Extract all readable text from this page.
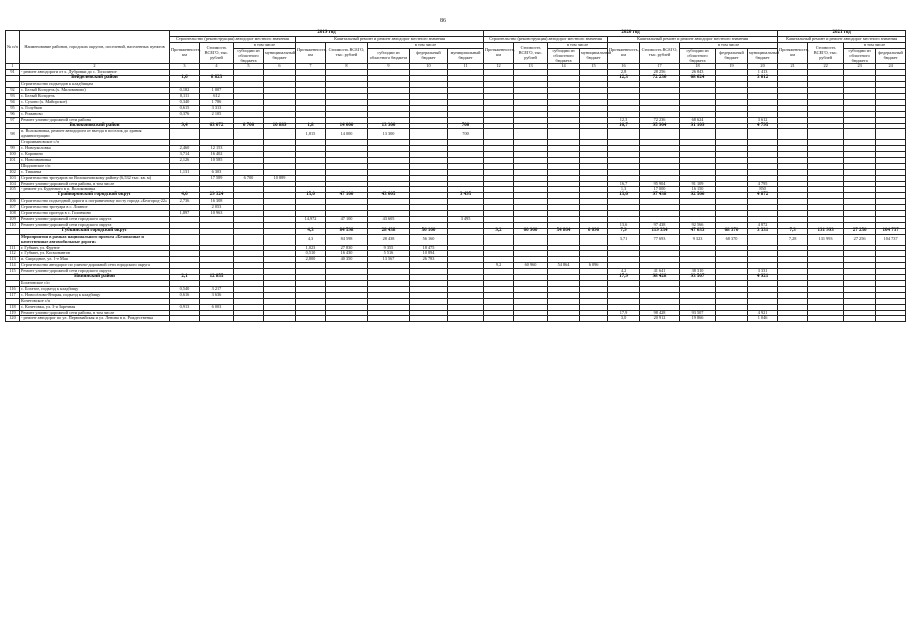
86
№ п/п	Наименование районов, городских округов, поселений, населенных пунктов	2019 год									2020 год									2021 год			
		Строительство (реконструкция) автодорог местного значения				Капитальный ремонт и ремонт автодорог местного значения					Строительство (реконструкция) автодорог местного значения				Капитальный ремонт и ремонт автодорог местного значения					Капитальный ремонт и ремонт автодорог местного значения			
		Протяженность, км	Стоимость ВСЕГО, тыс. рублей	в том числе		Протяженность, км	Стоимость ВСЕГО, тыс. рублей	в том числе			Протяженность, км	Стоимость ВСЕГО, тыс. рублей	в том числе		Протяженность, км	Стоимость ВСЕГО, тыс. рублей	в том числе			Протяженность, км	Стоимость ВСЕГО, тыс. рублей	в том числе	
				субсидии из областного бюджета	муниципальный бюджет			субсидии из областного бюджета	федеральный бюджет	муниципальный бюджет			субсидии из областного бюджета	муниципальный бюджет			субсидии из областного бюджета	федеральный бюджет	муниципальный бюджет			субсидии из областного бюджета	федеральный бюджет
1	2	3	4	5	6	7	8	9	10	11	12	13	14	15	16	17	18	19	20	21	22	23	24
91	- ремонт автодороги от х. Дубровки до с. Тополиное														2,8	28 256	26 843		1 413				
	Вейделевский район	1,6	8 823												12,3	72 236	68 624		3 612				
	Строительство подъездов к кладбищам																						
92	с. Белый Колодезь (х. Милованово)	0,182	1 007																				
93	с. Белый Колодезь	0,111	612																				
94	с. Сухоно (х. Майорское)	0,340	1 786																				
95	х. Голубков	0,615	3 313																				
96	с. Романово	0,376	2 105																				
97	Ремонт улично-дорожной сети района														12,3	72 236	68 624		3 612				
	Волоконовский район	9,4	63 072	6 700	10 889	1,8	14 000	13 300		700					16,7	95 904	91 109		4 795				
98	п. Волоконовка, ремонт автодороги от въезда в поселок до здания администрации					1,815	14 000	13 300		700													
	Староивановское с/п																						
99	с. Новоуколовка	2,460	12 153																				
100	с. Коровино	3,714	16 402																				
101	с. Новоивановка	2,126	10 585																				
	Шидловское с/п																						
102	с. Тишанка	1,131	6 303																				
103	Строительство тротуаров по Волоконовскому району (6,532 тыс. кв. м)		17 589	6 700	10 889																		
104	Ремонт улично-дорожной сети района, в том числе														16,7	95 904	91 109		4 795				
105	- ремонт ул. Буденного в п. Волоконовка														1,3	17 000	16 150		850				
	Грайворонский городской округ	4,6	29 324			15,0	47 100	43 605		3 495					13,6	97 438	92 566		4 872				
106	Строительство подъездной дороги к пограничному посту города «Белгород-22»	2,736	16 308																				
107	Строительство тротуара в с. Ломное		2 053																				
108	Строительство проезда в с. Головчино	1,897	10 963																				
109	Ремонт улично-дорожной сети городского округа					14,972	47 100	43 605		3 495													
110	Ремонт улично-дорожной сети городского округа														13,6	97 438	92 566		4 872				
	Губкинский городской округ					4,3	84 598	28 438	56 160		9,2	60 960	54 864	6 096	7,9	119 334	47 633	68 370	3 331	7,3	131 993	27 256	104 737
	Мероприятия в рамках национального проекта «Безопасные и качественные автомобильные дороги»					4,3	84 598	28 438	56 160						3,71	77 693	9 323	68 370		7,28	131 993	27 256	104 737
111	г. Губкин, ул. Фрунзе					1,023	27 830	9 355	18 475														
112	г. Губкин, ул. Космонавтов					0,510	16 430	5 516	10 894														
113	п. Скородное, ул. 1-е Мая					2,800	40 350	13 567	26 783														
114	Строительство автодорог по улично-дорожной сети городского округа										9,2	60 960	54 864	6 096									
115	Ремонт улично-дорожной сети городского округа														4,2	41 641	38 310		3 331				
	Ивнянский район	2,1	12 855												17,9	98 428	93 507		4 921				
	Богатовское с/п																						
116	с. Богатое, подъезд к кладбищу	0,540	3 217																				
117	с. Новосёлово-Вторая, подъезд к кладбищу	0,616	3 636																				
	Кочетовское с/п																						
118	с. Кочетовка, ул. 3-я Заречная	0,913	6 003																				
119	Ремонт улично-дорожной сети района, в том числе														17,9	98 428	93 507		4 921				
120	- ремонт автодорог по ул. Первомайская и ул. Ленина в п. Рождественка														3,0	20 912	19 866		1 046				
